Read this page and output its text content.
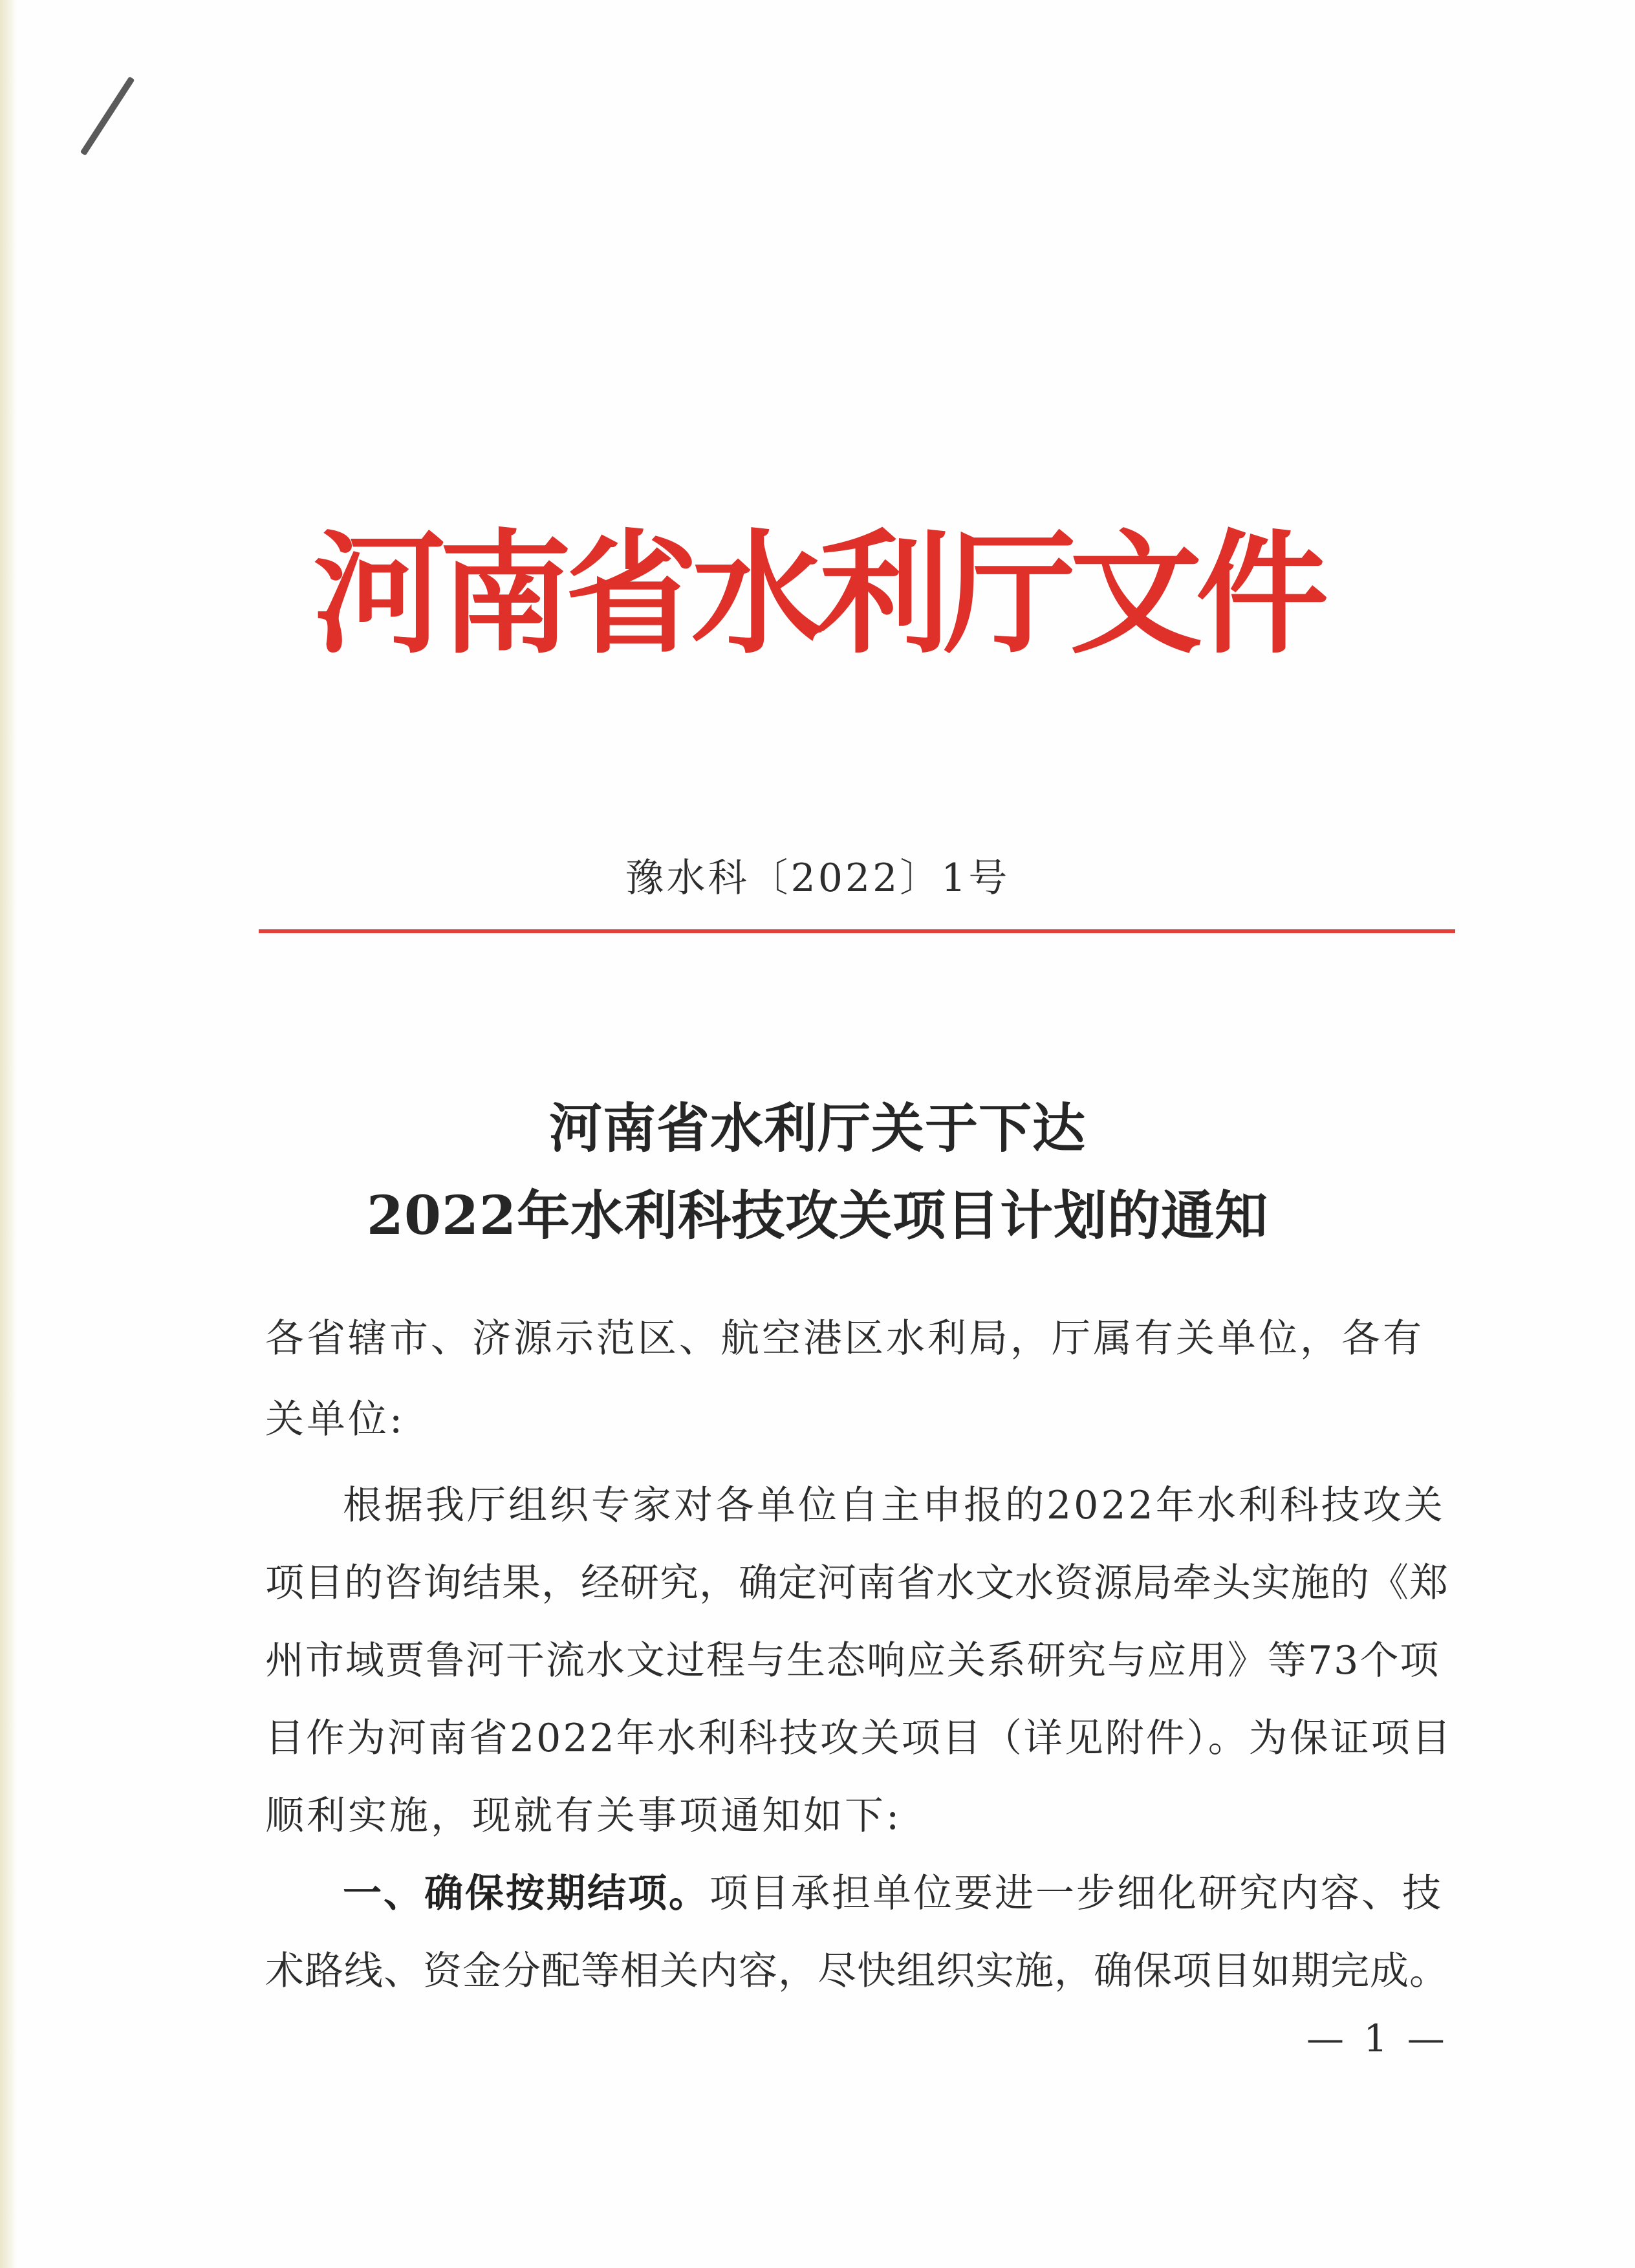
河南省水利厅文件
豫水科〔2022〕1号
河南省水利厅关于下达
2022年水利科技攻关项目计划的通知
各省辖市、济源示范区、航空港区水利局，厅属有关单位，各有
关单位:
根据我厅组织专家对各单位自主申报的2022年水利科技攻关
项目的咨询结果，经研究，确定河南省水文水资源局牵头实施的《郑
州市域贾鲁河干流水文过程与生态响应关系研究与应用》等73个项
目作为河南省2022年水利科技攻关项目（详见附件）。为保证项目
顺利实施，现就有关事项通知如下:
一、确保按期结项。项目承担单位要进一步细化研究内容、技
术路线、资金分配等相关内容，尽快组织实施，确保项目如期完成。
— 1 —
